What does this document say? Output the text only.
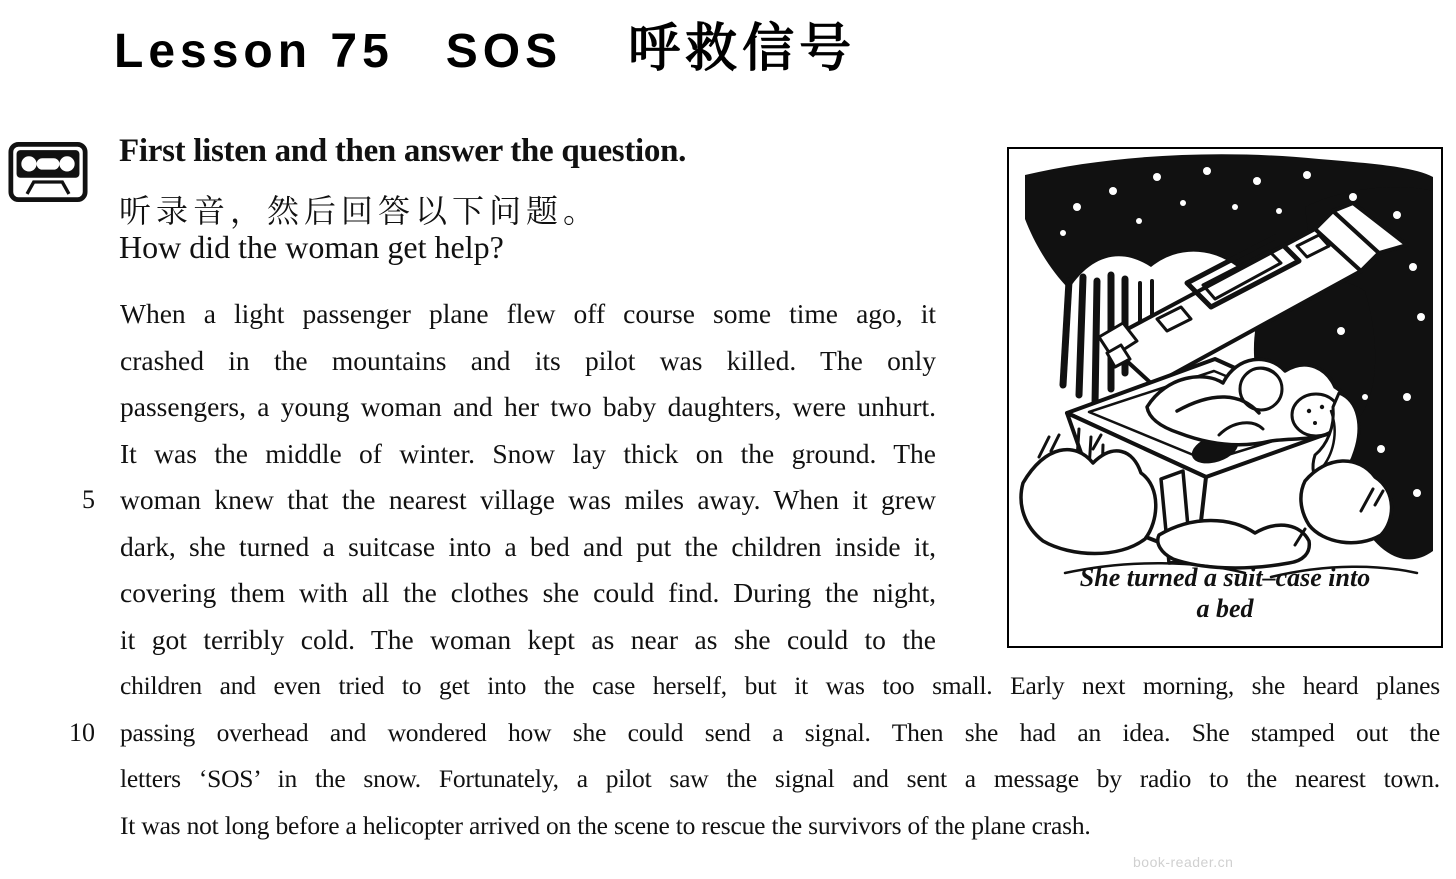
Lesson 75 SOS 呼救信号
First listen and then answer the question.
听录音，然后回答以下问题。
How did the woman get help?
She turned a suit–case into
a bed
When a light passenger plane flew off course some time ago, it
crashed in the mountains and its pilot was killed. The only
passengers, a young woman and her two baby daughters, were unhurt.
It was the middle of winter. Snow lay thick on the ground. The
5 woman knew that the nearest village was miles away. When it grew
dark, she turned a suitcase into a bed and put the children inside it,
covering them with all the clothes she could find. During the night,
it got terribly cold. The woman kept as near as she could to the
children and even tried to get into the case herself, but it was too small. Early next morning, she heard planes
10 passing overhead and wondered how she could send a signal. Then she had an idea. She stamped out the
letters ‘SOS’ in the snow. Fortunately, a pilot saw the signal and sent a message by radio to the nearest town.
It was not long before a helicopter arrived on the scene to rescue the survivors of the plane crash.
book-reader.cn
